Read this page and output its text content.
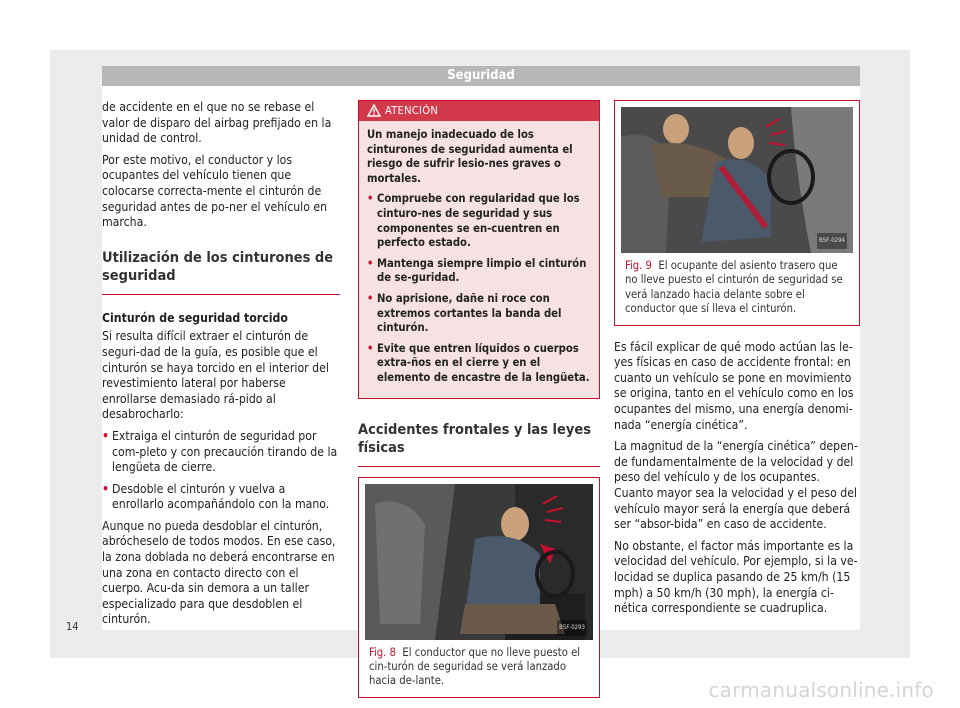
Seguridad

de accidente en el que no se rebase el valor de disparo del airbag prefijado en la unidad de control.

Por este motivo, el conductor y los ocupantes del vehículo tienen que colocarse correcta-mente el cinturón de seguridad antes de po-ner el vehículo en marcha.

Utilización de los cinturones de seguridad
Cinturón de seguridad torcido

Si resulta difícil extraer el cinturón de seguri-dad de la guía, es posible que el cinturón se haya torcido en el interior del revestimiento lateral por haberse enrollarse demasiado rá-pido al desabrocharlo:

• Extraiga el cinturón de seguridad por com-pleto y con precaución tirando de la lengüeta de cierre.
• Desdoble el cinturón y vuelva a enrollarlo acompañándolo con la mano.

Aunque no pueda desdoblar el cinturón, abrócheselo de todos modos. En ese caso, la zona doblada no deberá encontrarse en una zona en contacto directo con el cuerpo. Acu-da sin demora a un taller especializado para que desdoblen el cinturón.

ATENCIÓN

Un manejo inadecuado de los cinturones de seguridad aumenta el riesgo de sufrir lesio-nes graves o mortales.

• Compruebe con regularidad que los cinturo-nes de seguridad y sus componentes se en-cuentren en perfecto estado.
• Mantenga siempre limpio el cinturón de se-guridad.
• No aprisione, dañe ni roce con extremos cortantes la banda del cinturón.
• Evite que entren líquidos o cuerpos extra-ños en el cierre y en el elemento de encastre de la lengüeta.
Accidentes frontales y las leyes físicas
B5F-0293
Fig. 8 El conductor que no lleve puesto el cin-turón de seguridad se verá lanzado hacia de-lante.
B5F-0294
Fig. 9 El ocupante del asiento trasero que no lleve puesto el cinturón de seguridad se verá lanzado hacia delante sobre el conductor que sí lleva el cinturón.

Es fácil explicar de qué modo actúan las le-yes físicas en caso de accidente frontal: en cuanto un vehículo se pone en movimiento se origina, tanto en el vehículo como en los ocupantes del mismo, una energía denomi-nada “energía cinética”.

La magnitud de la “energía cinética” depen-de fundamentalmente de la velocidad y del peso del vehículo y de los ocupantes. Cuanto mayor sea la velocidad y el peso del vehículo mayor será la energía que deberá ser “absor-bida” en caso de accidente.

No obstante, el factor más importante es la velocidad del vehículo. Por ejemplo, si la ve-locidad se duplica pasando de 25 km/h (15 mph) a 50 km/h (30 mph), la energía ci-nética correspondiente se cuadruplica.

14
carmanualsonline.info
